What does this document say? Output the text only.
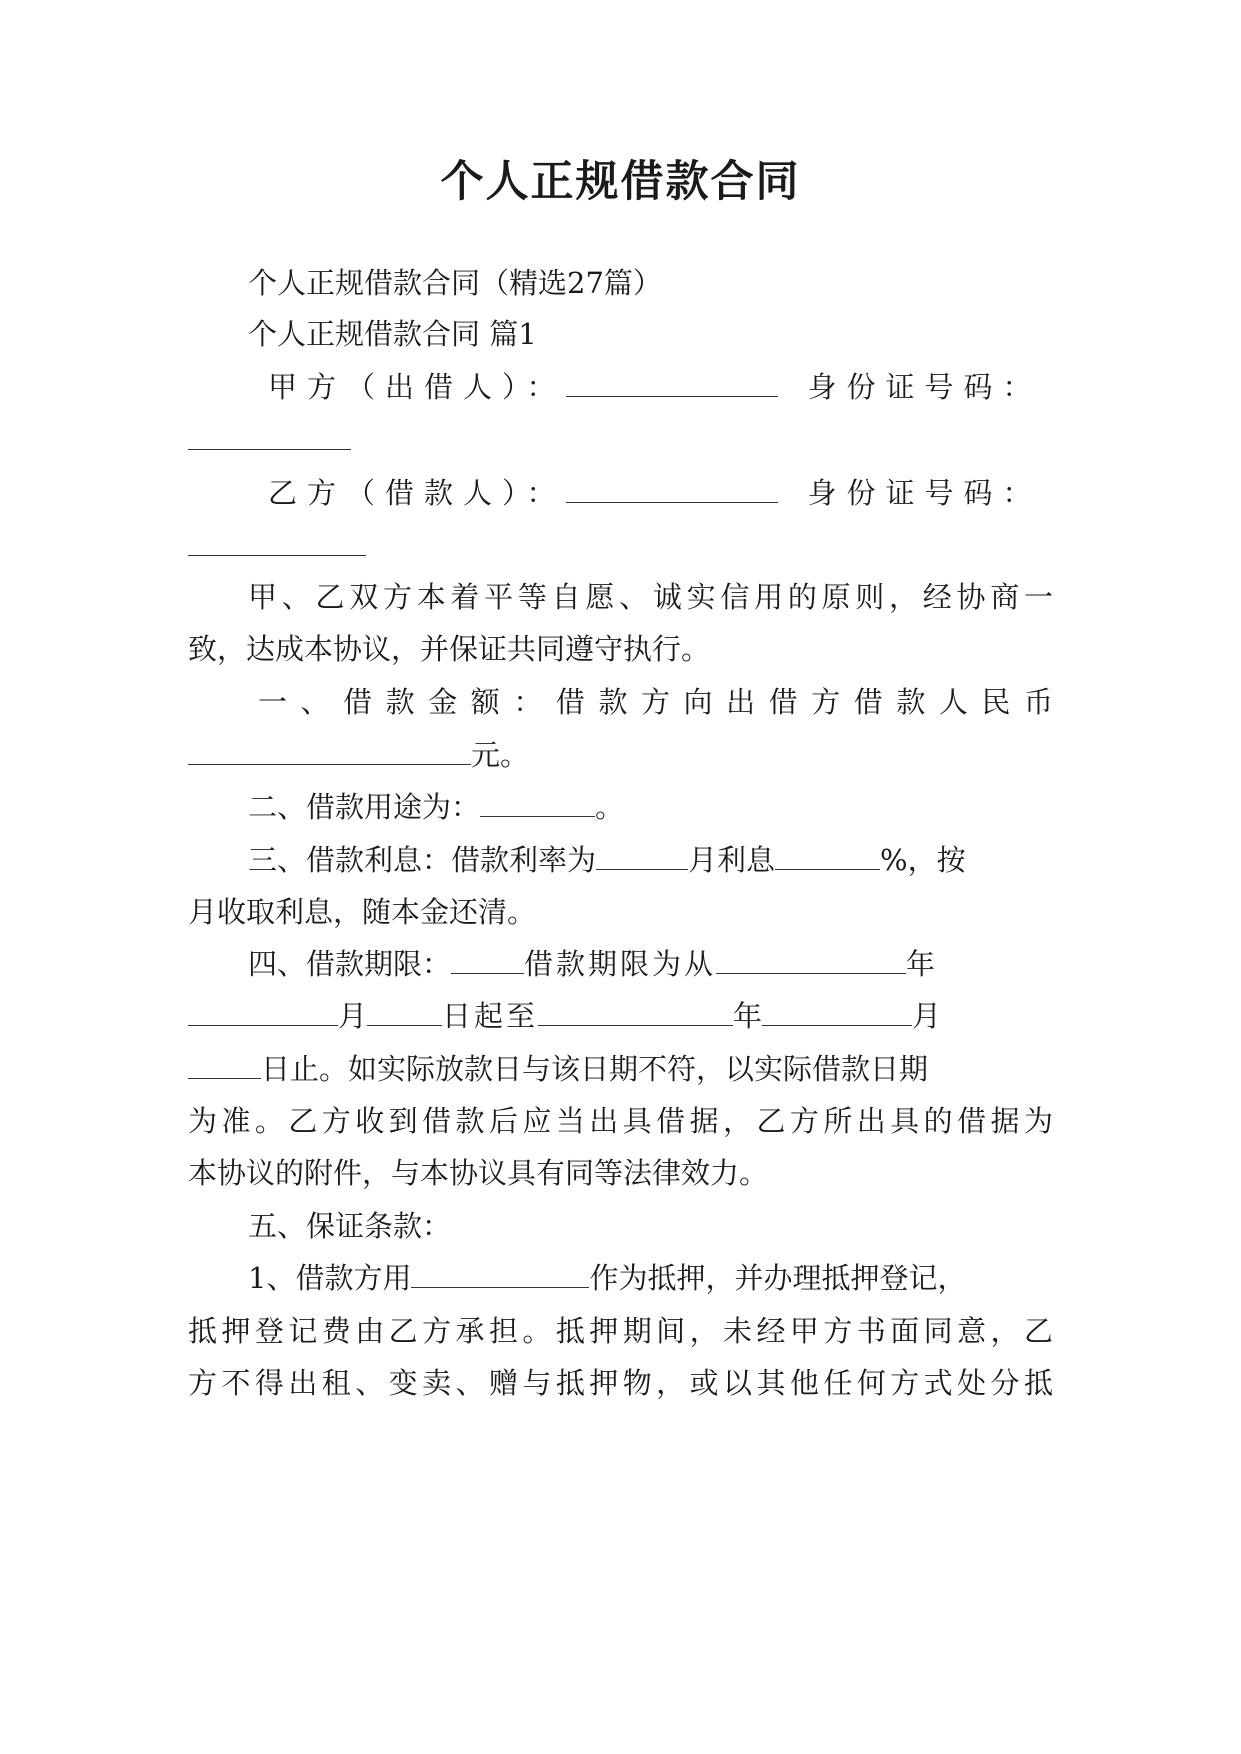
个人正规借款合同
个人正规借款合同（精选27篇）
个人正规借款合同 篇1
甲方（出借人）：	身份证号码：
乙方（借款人）：	身份证号码：
甲、乙双方本着平等自愿、诚实信用的原则，经协商一
致，达成本协议，并保证共同遵守执行。
一、借款金额：借款方向出借方借款人民币
元。
二、借款用途为：	。
三、借款利息：借款利率为	月利息	%，按
月收取利息，随本金还清。
四、借款期限：	借款期限为从	年
月	日起至	年	月
日止。如实际放款日与该日期不符，以实际借款日期
为准。乙方收到借款后应当出具借据，乙方所出具的借据为
本协议的附件，与本协议具有同等法律效力。
五、保证条款：
1、借款方用	作为抵押，并办理抵押登记，
抵押登记费由乙方承担。抵押期间，未经甲方书面同意，乙
方不得出租、变卖、赠与抵押物，或以其他任何方式处分抵
